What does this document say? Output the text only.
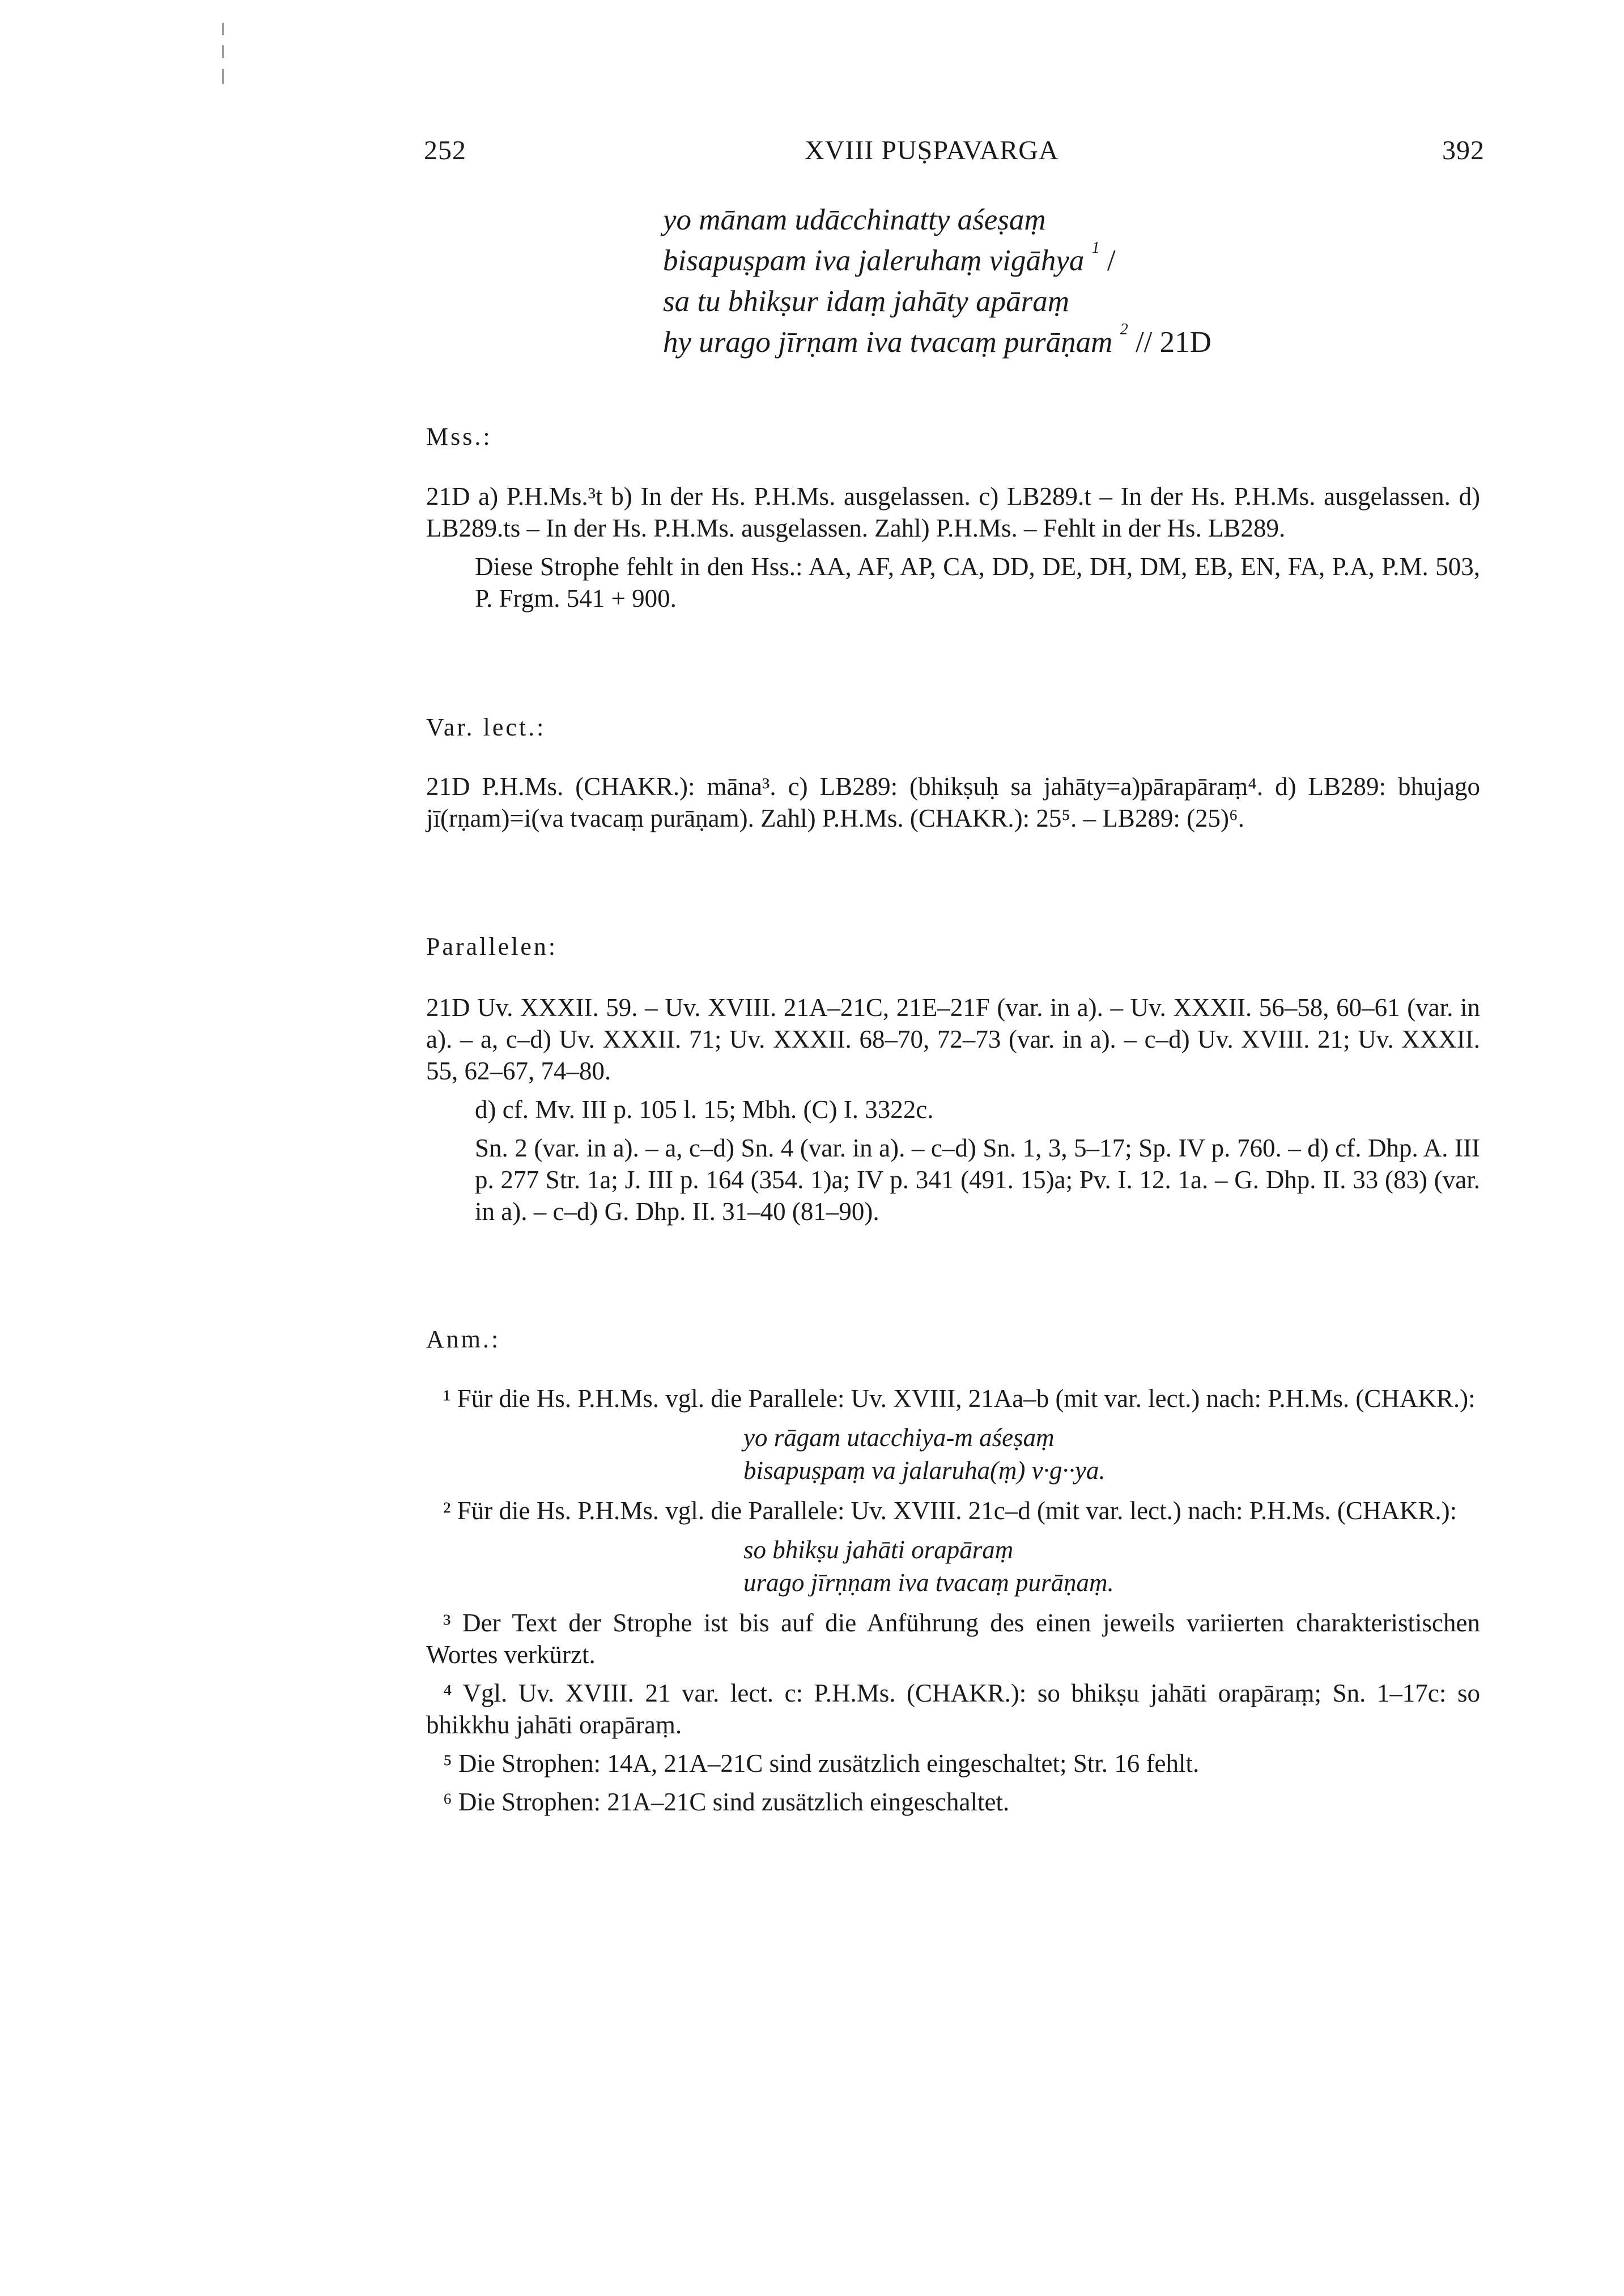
252	XVIII PUṢPAVARGA	392
yo mānam udācchinatty aśeṣaṃ
bisapuṣpam iva jaleruhaṃ vigāhya $^1$ /
sa tu bhikṣur idaṃ jahāty apāraṃ
hy urago jīrṇam iva tvacaṃ purāṇam $^2$ // 21D
Mss.:

21D a) P.H.Ms.³t b) In der Hs. P.H.Ms. ausgelassen. c) LB289.t – In der Hs. P.H.Ms. ausgelassen. d) LB289.ts – In der Hs. P.H.Ms. ausgelassen. Zahl) P.H.Ms. – Fehlt in der Hs. LB289.

Diese Strophe fehlt in den Hss.: AA, AF, AP, CA, DD, DE, DH, DM, EB, EN, FA, P.A, P.M. 503, P. Frgm. 541 + 900.

Var. lect.:

21D P.H.Ms. (CHAKR.): māna³. c) LB289: (bhikṣuḥ sa jahāty=a)pārapāraṃ⁴. d) LB289: bhujago jī(rṇam)=i(va tvacaṃ purāṇam). Zahl) P.H.Ms. (CHAKR.): 25⁵. – LB289: (25)⁶.

Parallelen:

21D Uv. XXXII. 59. – Uv. XVIII. 21A–21C, 21E–21F (var. in a). – Uv. XXXII. 56–58, 60–61 (var. in a). – a, c–d) Uv. XXXII. 71; Uv. XXXII. 68–70, 72–73 (var. in a). – c–d) Uv. XVIII. 21; Uv. XXXII. 55, 62–67, 74–80.

d) cf. Mv. III p. 105 l. 15; Mbh. (C) I. 3322c.

Sn. 2 (var. in a). – a, c–d) Sn. 4 (var. in a). – c–d) Sn. 1, 3, 5–17; Sp. IV p. 760. – d) cf. Dhp. A. III p. 277 Str. 1a; J. III p. 164 (354. 1)a; IV p. 341 (491. 15)a; Pv. I. 12. 1a. – G. Dhp. II. 33 (83) (var. in a). – c–d) G. Dhp. II. 31–40 (81–90).

Anm.:

¹ Für die Hs. P.H.Ms. vgl. die Parallele: Uv. XVIII, 21Aa–b (mit var. lect.) nach: P.H.Ms. (CHAKR.):

yo rāgam utacchiya-m aśeṣaṃ
bisapuṣpaṃ va jalaruha(ṃ) v·g··ya.

² Für die Hs. P.H.Ms. vgl. die Parallele: Uv. XVIII. 21c–d (mit var. lect.) nach: P.H.Ms. (CHAKR.):

so bhikṣu jahāti orapāraṃ
urago jīrṇṇam iva tvacaṃ purāṇaṃ.

³ Der Text der Strophe ist bis auf die Anführung des einen jeweils variierten charakteristischen Wortes verkürzt.

⁴ Vgl. Uv. XVIII. 21 var. lect. c: P.H.Ms. (CHAKR.): so bhikṣu jahāti orapāraṃ; Sn. 1–17c: so bhikkhu jahāti orapāraṃ.

⁵ Die Strophen: 14A, 21A–21C sind zusätzlich eingeschaltet; Str. 16 fehlt.

⁶ Die Strophen: 21A–21C sind zusätzlich eingeschaltet.
